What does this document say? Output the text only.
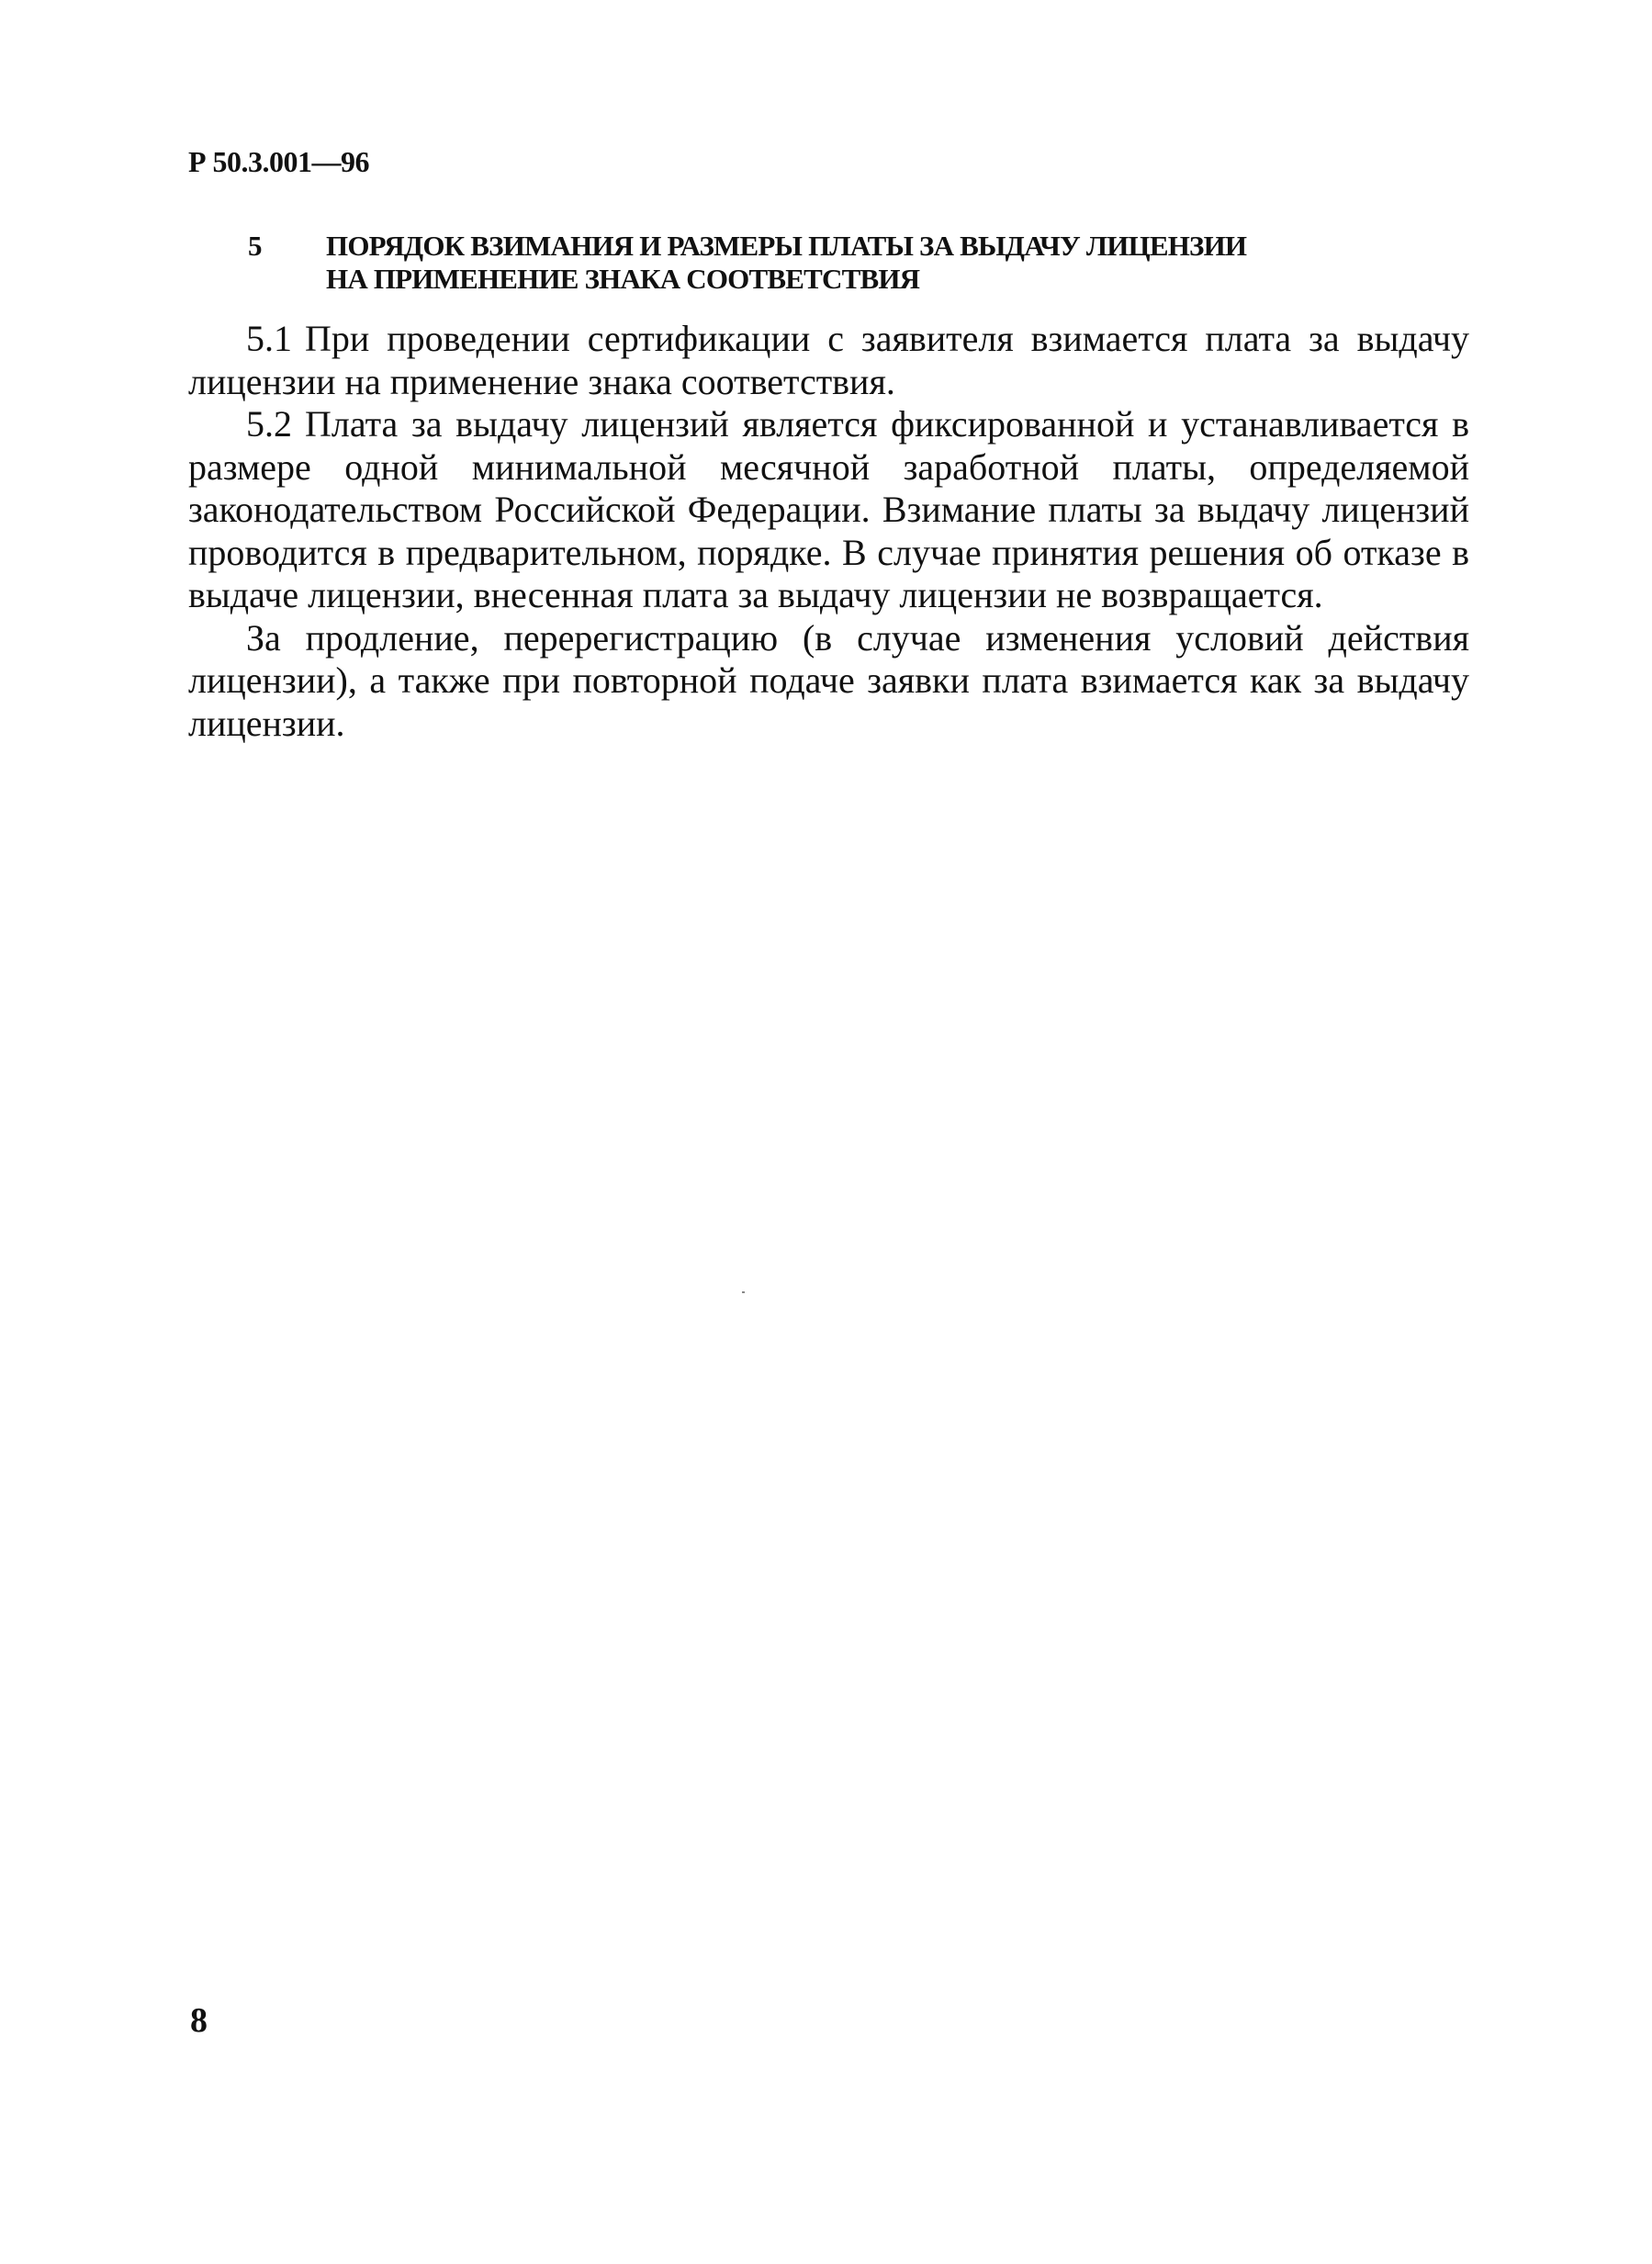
Р 50.3.001—96
5	ПОРЯДОК ВЗИМАНИЯ И РАЗМЕРЫ ПЛАТЫ ЗА ВЫДАЧУ ЛИЦЕНЗИИ
НА ПРИМЕНЕНИЕ ЗНАКА СООТВЕТСТВИЯ

5.1 При проведении сертификации с заявителя взимается плата за выдачу лицензии на применение знака соответствия.

5.2 Плата за выдачу лицензий является фиксированной и устанавливается в размере одной минимальной месячной заработной платы, определяемой законодательством Российской Федерации. Взимание платы за выдачу лицензий проводится в предварительном, порядке. В случае принятия решения об отказе в выдаче лицензии, внесенная плата за выдачу лицензии не возвращается.

За продление, перерегистрацию (в случае изменения условий действия лицензии), а также при повторной подаче заявки плата взимается как за выдачу лицензии.

8
